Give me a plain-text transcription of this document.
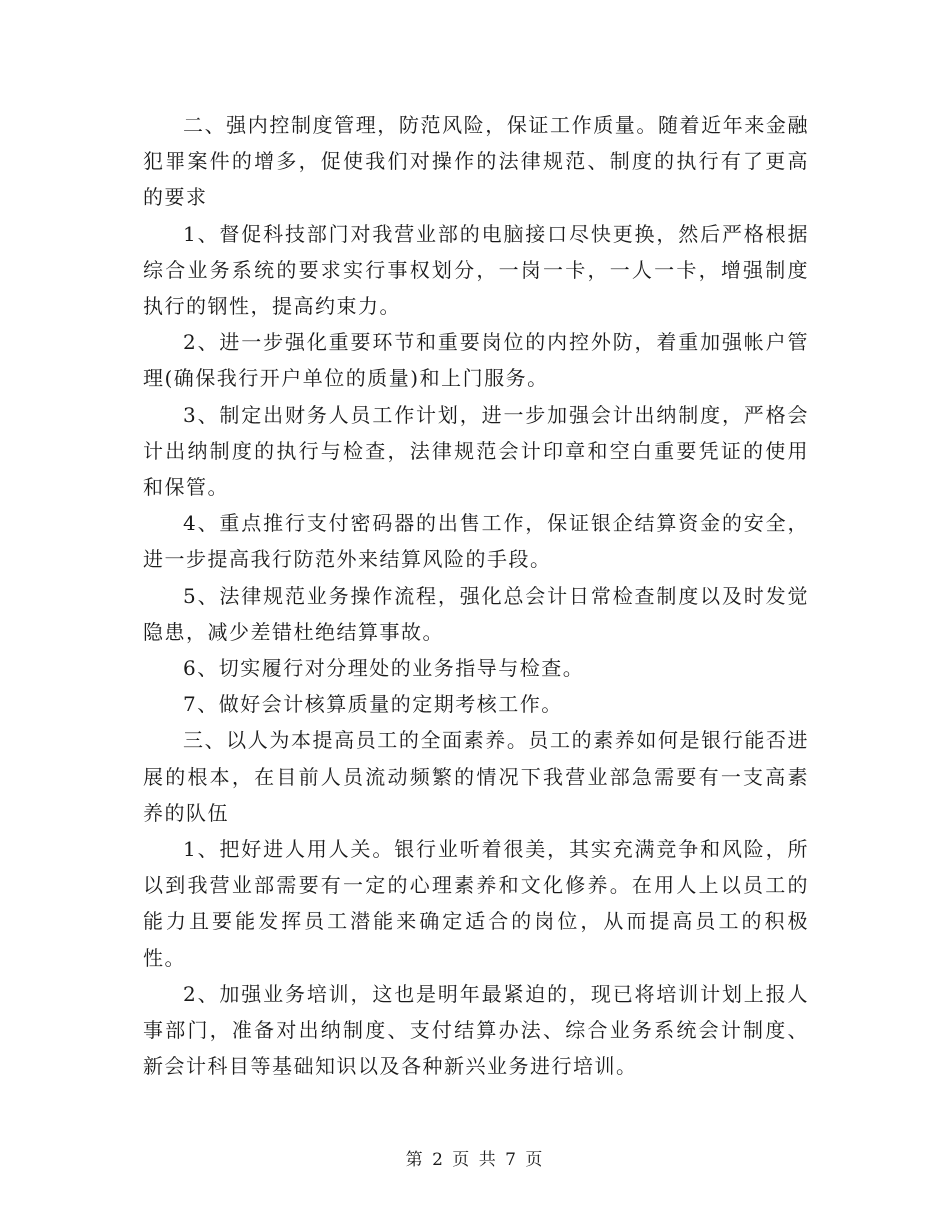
二、强内控制度管理，防范风险，保证工作质量。随着近年来金融犯罪案件的增多，促使我们对操作的法律规范、制度的执行有了更高的要求

1、督促科技部门对我营业部的电脑接口尽快更换，然后严格根据综合业务系统的要求实行事权划分，一岗一卡，一人一卡，增强制度执行的钢性，提高约束力。

2、进一步强化重要环节和重要岗位的内控外防，着重加强帐户管理(确保我行开户单位的质量)和上门服务。

3、制定出财务人员工作计划，进一步加强会计出纳制度，严格会计出纳制度的执行与检查，法律规范会计印章和空白重要凭证的使用和保管。

4、重点推行支付密码器的出售工作，保证银企结算资金的安全，进一步提高我行防范外来结算风险的手段。

5、法律规范业务操作流程，强化总会计日常检查制度以及时发觉隐患，减少差错杜绝结算事故。

6、切实履行对分理处的业务指导与检查。

7、做好会计核算质量的定期考核工作。

三、以人为本提高员工的全面素养。员工的素养如何是银行能否进展的根本，在目前人员流动频繁的情况下我营业部急需要有一支高素养的队伍

1、把好进人用人关。银行业听着很美，其实充满竞争和风险，所以到我营业部需要有一定的心理素养和文化修养。在用人上以员工的能力且要能发挥员工潜能来确定适合的岗位，从而提高员工的积极性。

2、加强业务培训，这也是明年最紧迫的，现已将培训计划上报人事部门，准备对出纳制度、支付结算办法、综合业务系统会计制度、新会计科目等基础知识以及各种新兴业务进行培训。

第 2 页 共 7 页
